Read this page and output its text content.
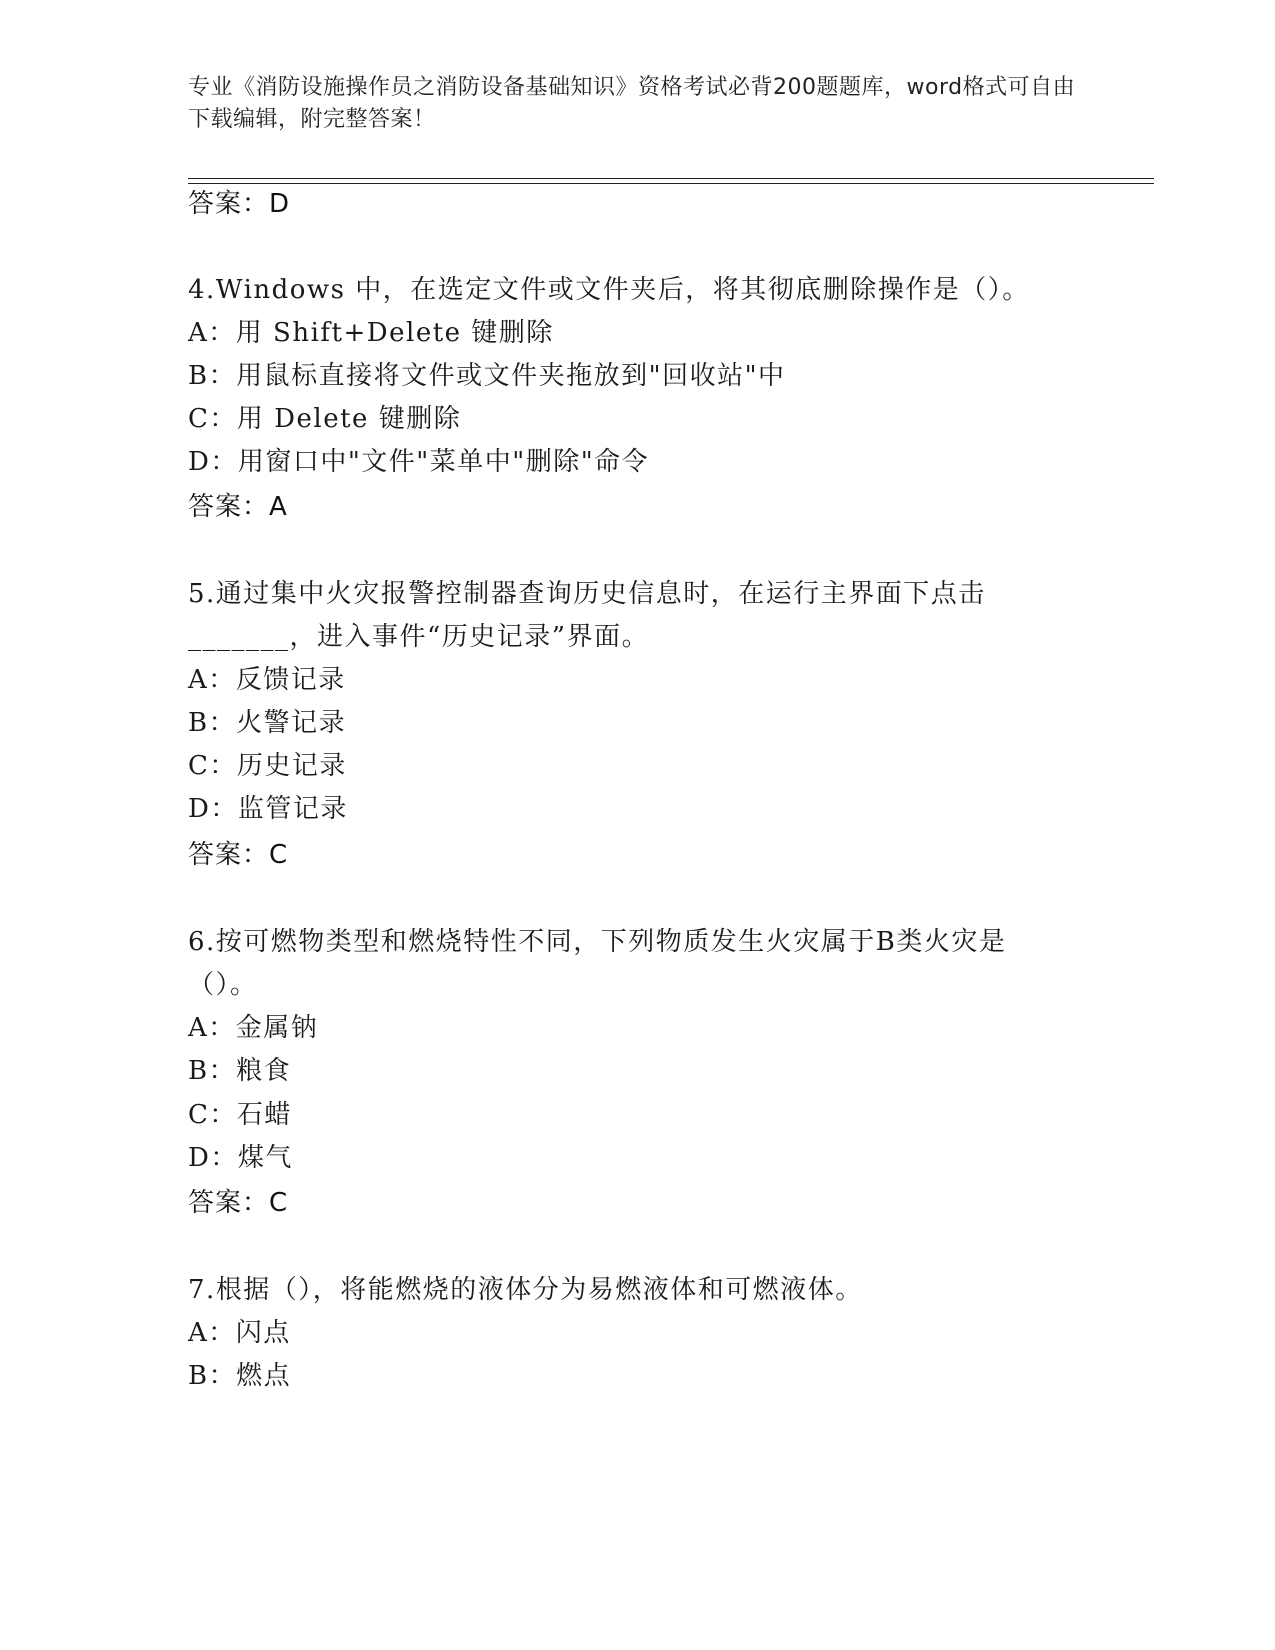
专业《消防设施操作员之消防设备基础知识》资格考试必背200题题库，word格式可自由下载编辑，附完整答案！
答案：D
4.Windows 中，在选定文件或文件夹后，将其彻底删除操作是（）。
A：用 Shift+Delete 键删除
B：用鼠标直接将文件或文件夹拖放到"回收站"中
C：用 Delete 键删除
D：用窗口中"文件"菜单中"删除"命令
答案：A
5.通过集中火灾报警控制器查询历史信息时，在运行主界面下点击
_______，进入事件“历史记录”界面。
A：反馈记录
B：火警记录
C：历史记录
D：监管记录
答案：C
6.按可燃物类型和燃烧特性不同，下列物质发生火灾属于B类火灾是
（）。
A：金属钠
B：粮食
C：石蜡
D：煤气
答案：C
7.根据（），将能燃烧的液体分为易燃液体和可燃液体。
A：闪点
B：燃点
